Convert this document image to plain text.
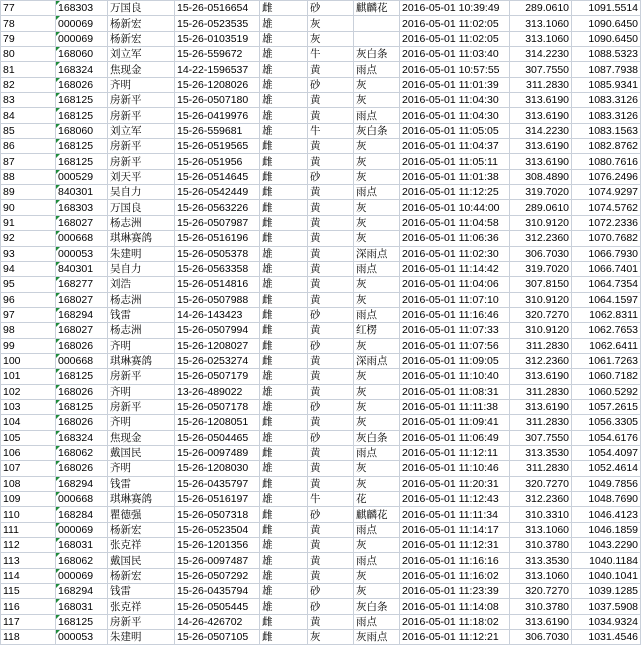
77	168303	万国良	15-26-0516654	雌	砂	麒麟花	2016-05-01 10:39:49	289.0610	1091.5514
78	000069	杨新宏	15-26-0523535	雄	灰		2016-05-01 11:02:05	313.1060	1090.6450
79	000069	杨新宏	15-26-0103519	雄	灰		2016-05-01 11:02:05	313.1060	1090.6450
80	168060	刘立军	15-26-559672	雄	牛	灰白条	2016-05-01 11:03:40	314.2230	1088.5323
81	168324	焦现金	14-22-1596537	雄	黄	雨点	2016-05-01 10:57:55	307.7550	1087.7938
82	168026	齐明	15-26-1208026	雄	砂	灰	2016-05-01 11:01:39	311.2830	1085.9341
83	168125	房新平	15-26-0507180	雄	黄	灰	2016-05-01 11:04:30	313.6190	1083.3126
84	168125	房新平	15-26-0419976	雄	黄	雨点	2016-05-01 11:04:30	313.6190	1083.3126
85	168060	刘立军	15-26-559681	雄	牛	灰白条	2016-05-01 11:05:05	314.2230	1083.1563
86	168125	房新平	15-26-0519565	雌	黄	灰	2016-05-01 11:04:37	313.6190	1082.8762
87	168125	房新平	15-26-051956	雌	黄	灰	2016-05-01 11:05:11	313.6190	1080.7616
88	000529	刘天平	15-26-0514645	雌	砂	灰	2016-05-01 11:01:38	308.4890	1076.2496
89	840301	吴自力	15-26-0542449	雌	黄	雨点	2016-05-01 11:12:25	319.7020	1074.9297
90	168303	万国良	15-26-0563226	雌	黄	灰	2016-05-01 10:44:00	289.0610	1074.5762
91	168027	杨志洲	15-26-0507987	雌	黄	灰	2016-05-01 11:04:58	310.9120	1072.2336
92	000668	琪琳赛鸽	15-26-0516196	雌	黄	灰	2016-05-01 11:06:36	312.2360	1070.7682
93	000053	朱建明	15-26-0505378	雄	黄	深雨点	2016-05-01 11:02:30	306.7030	1066.7930
94	840301	吴自力	15-26-0563358	雄	黄	雨点	2016-05-01 11:14:42	319.7020	1066.7401
95	168277	刘浩	15-26-0514816	雄	黄	灰	2016-05-01 11:04:06	307.8150	1064.7354
96	168027	杨志洲	15-26-0507988	雌	黄	灰	2016-05-01 11:07:10	310.9120	1064.1597
97	168294	钱雷	14-26-143423	雌	砂	雨点	2016-05-01 11:16:46	320.7270	1062.8311
98	168027	杨志洲	15-26-0507994	雌	黄	红楞	2016-05-01 11:07:33	310.9120	1062.7653
99	168026	齐明	15-26-1208027	雌	砂	灰	2016-05-01 11:07:56	311.2830	1062.6411
100	000668	琪琳赛鸽	15-26-0253274	雌	黄	深雨点	2016-05-01 11:09:05	312.2360	1061.7263
101	168125	房新平	15-26-0507179	雄	黄	灰	2016-05-01 11:10:40	313.6190	1060.7182
102	168026	齐明	13-26-489022	雄	黄	灰	2016-05-01 11:08:31	311.2830	1060.5292
103	168125	房新平	15-26-0507178	雄	砂	灰	2016-05-01 11:11:38	313.6190	1057.2615
104	168026	齐明	15-26-1208051	雌	黄	灰	2016-05-01 11:09:41	311.2830	1056.3305
105	168324	焦现金	15-26-0504465	雄	砂	灰白条	2016-05-01 11:06:49	307.7550	1054.6176
106	168062	戴国民	15-26-0097489	雌	黄	雨点	2016-05-01 11:12:11	313.3530	1054.4097
107	168026	齐明	15-26-1208030	雄	黄	灰	2016-05-01 11:10:46	311.2830	1052.4614
108	168294	钱雷	15-26-0435797	雌	黄	灰	2016-05-01 11:20:31	320.7270	1049.7856
109	000668	琪琳赛鸽	15-26-0516197	雄	牛	花	2016-05-01 11:12:43	312.2360	1048.7690
110	168284	瞿德强	15-26-0507318	雌	砂	麒麟花	2016-05-01 11:11:34	310.3310	1046.4123
111	000069	杨新宏	15-26-0523504	雌	黄	雨点	2016-05-01 11:14:17	313.1060	1046.1859
112	168031	张克祥	15-26-1201356	雄	黄	灰	2016-05-01 11:12:31	310.3780	1043.2290
113	168062	戴国民	15-26-0097487	雄	黄	雨点	2016-05-01 11:16:16	313.3530	1040.1184
114	000069	杨新宏	15-26-0507292	雄	黄	灰	2016-05-01 11:16:02	313.1060	1040.1041
115	168294	钱雷	15-26-0435794	雄	砂	灰	2016-05-01 11:23:39	320.7270	1039.1285
116	168031	张克祥	15-26-0505445	雄	砂	灰白条	2016-05-01 11:14:08	310.3780	1037.5908
117	168125	房新平	14-26-426702	雌	黄	雨点	2016-05-01 11:18:02	313.6190	1034.9324
118	000053	朱建明	15-26-0507105	雌	灰	灰雨点	2016-05-01 11:12:21	306.7030	1031.4546
